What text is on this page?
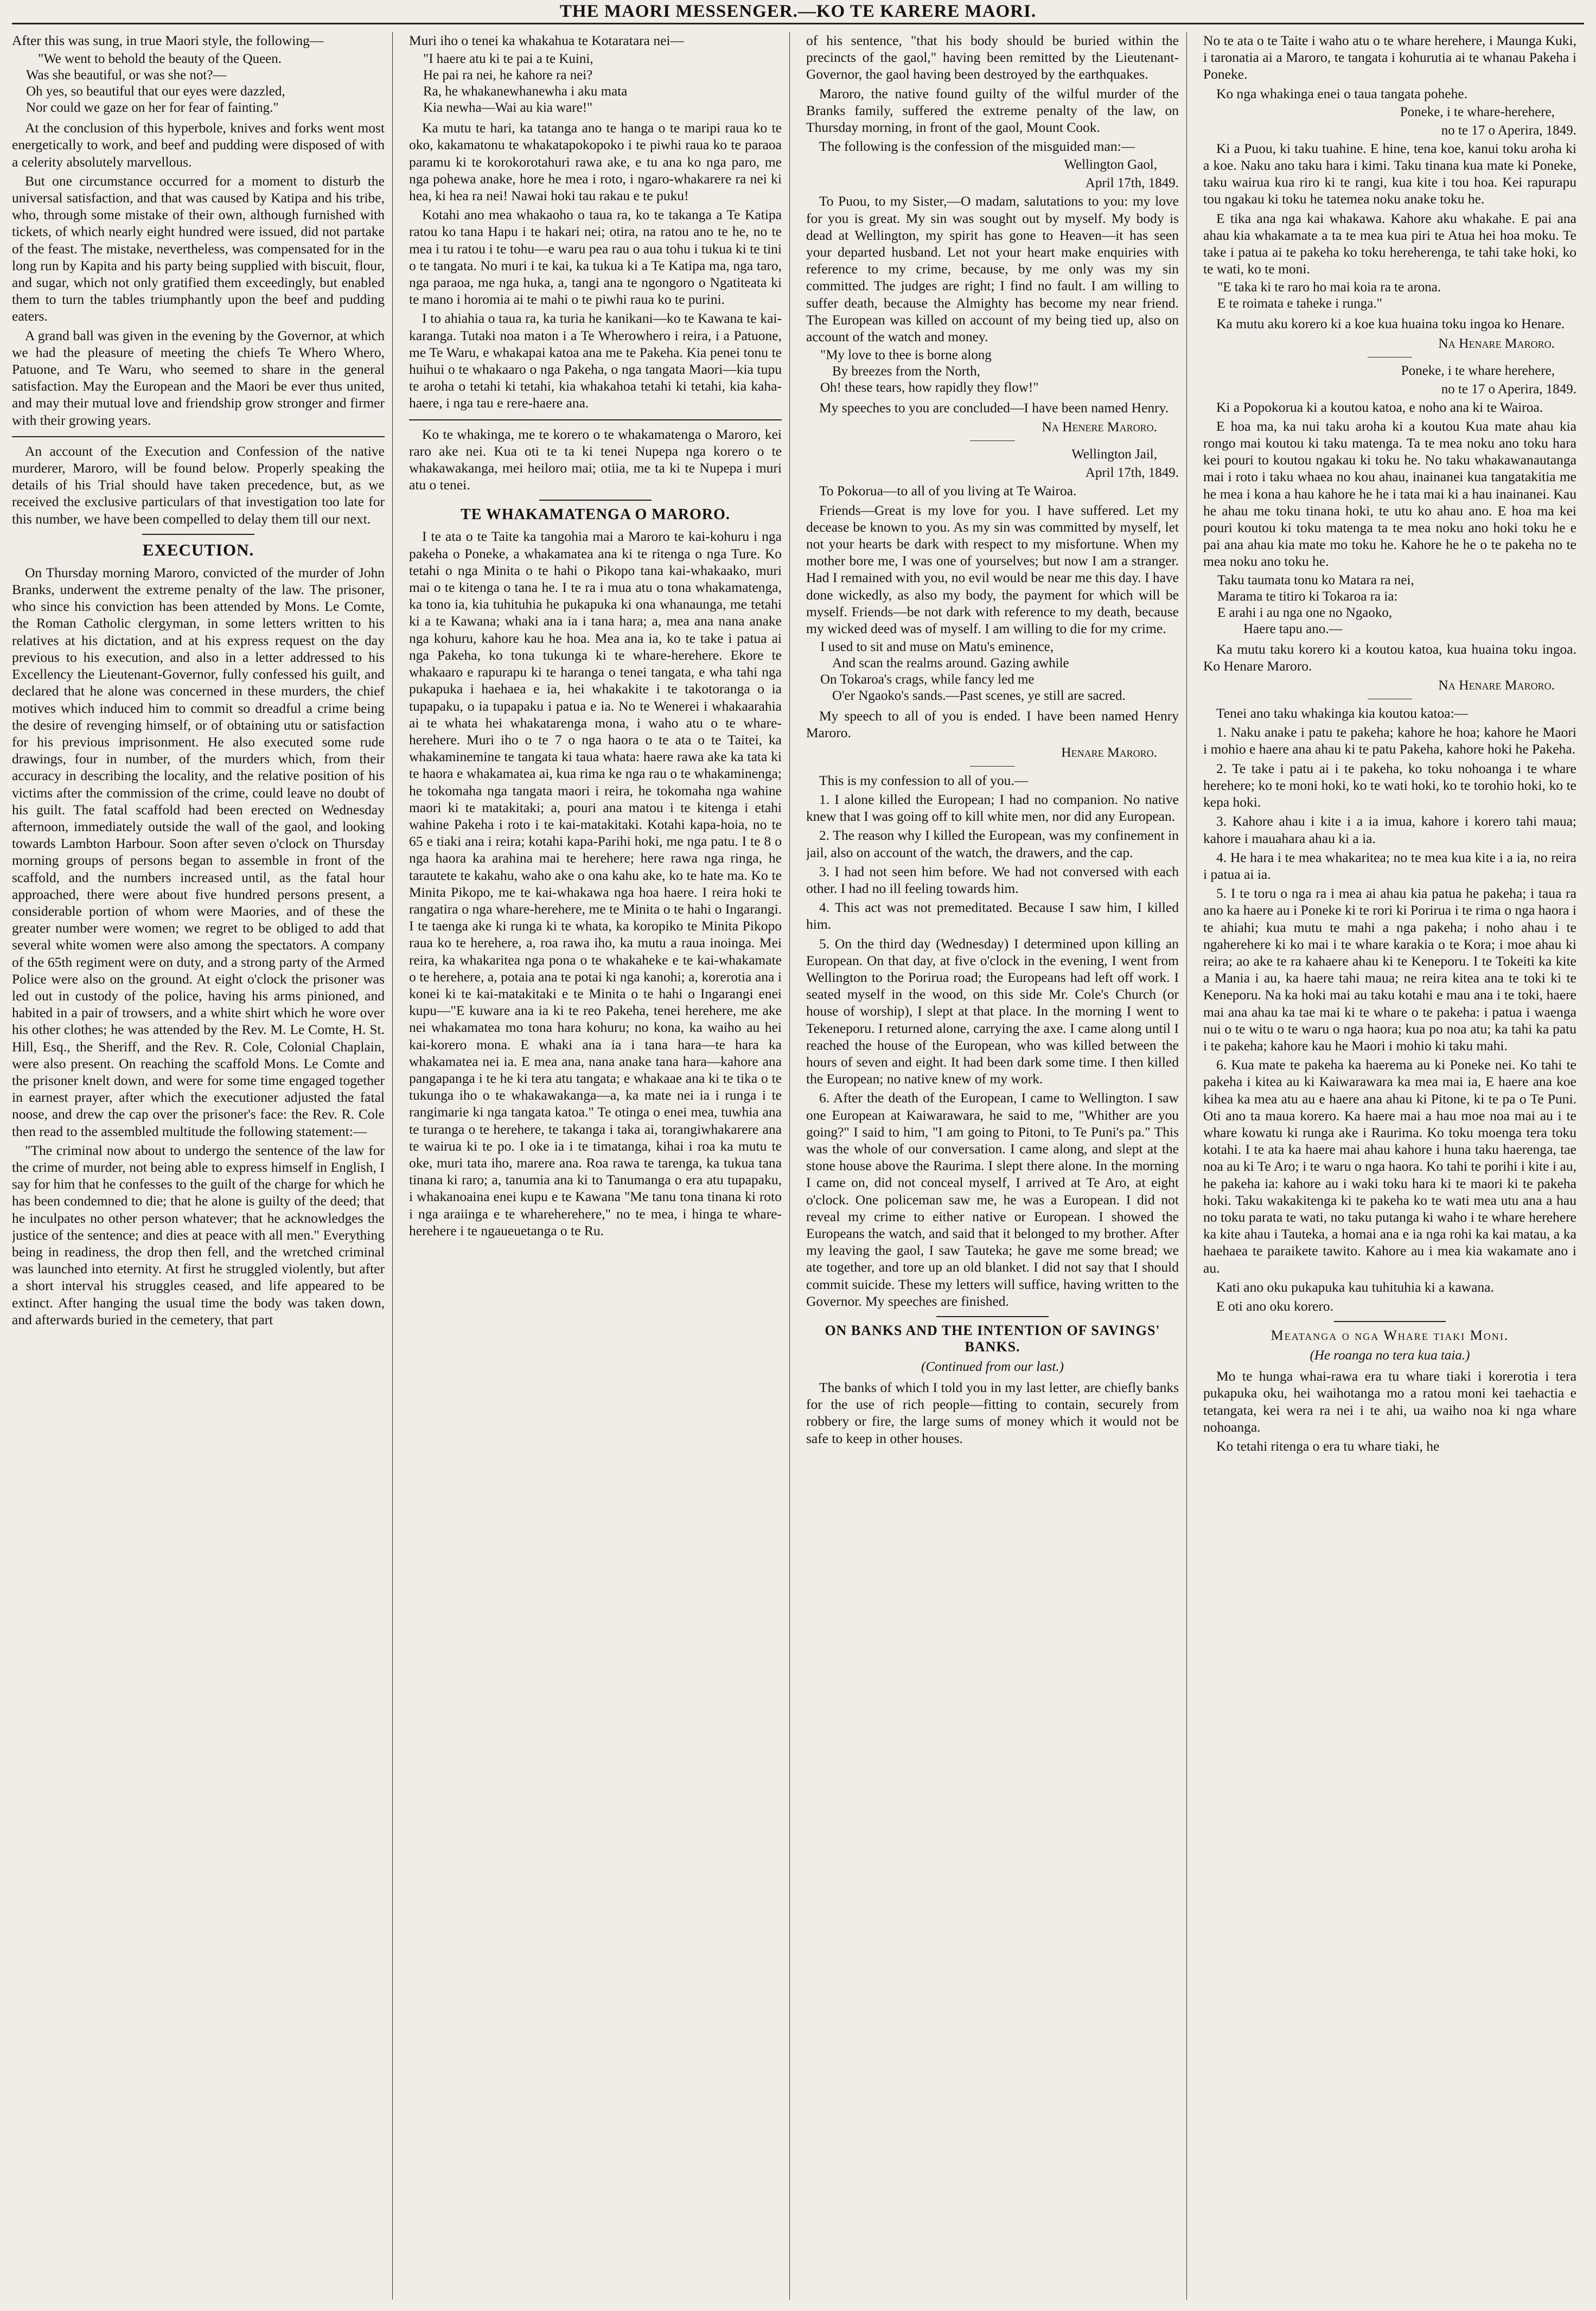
THE MAORI MESSENGER.—KO TE KARERE MAORI.

After this was sung, in true Maori style, the following—

"We went to behold the beauty of the Queen.
Was she beautiful, or was she not?—
Oh yes, so beautiful that our eyes were dazzled,
Nor could we gaze on her for fear of fainting."

At the conclusion of this hyperbole, knives and forks went most energetically to work, and beef and pudding were disposed of with a celerity absolutely marvellous.

But one circumstance occurred for a moment to disturb the universal satisfaction, and that was caused by Katipa and his tribe, who, through some mistake of their own, although furnished with tickets, of which nearly eight hundred were issued, did not partake of the feast. The mistake, nevertheless, was compensated for in the long run by Kapita and his party being supplied with biscuit, flour, and sugar, which not only gratified them exceedingly, but enabled them to turn the tables triumphantly upon the beef and pudding eaters.

A grand ball was given in the evening by the Governor, at which we had the pleasure of meeting the chiefs Te Whero Whero, Patuone, and Te Waru, who seemed to share in the general satisfaction. May the European and the Maori be ever thus united, and may their mutual love and friendship grow stronger and firmer with their growing years.

An account of the Execution and Confession of the native murderer, Maroro, will be found below. Properly speaking the details of his Trial should have taken precedence, but, as we received the exclusive particulars of that investigation too late for this number, we have been compelled to delay them till our next.

EXECUTION.

On Thursday morning Maroro, convicted of the murder of John Branks, underwent the extreme penalty of the law. The prisoner, who since his conviction has been attended by Mons. Le Comte, the Roman Catholic clergyman, in some letters written to his relatives at his dictation, and at his express request on the day previous to his execution, and also in a letter addressed to his Excellency the Lieutenant-Governor, fully confessed his guilt, and declared that he alone was concerned in these murders, the chief motives which induced him to commit so dreadful a crime being the desire of revenging himself, or of obtaining utu or satisfaction for his previous imprisonment. He also executed some rude drawings, four in number, of the murders which, from their accuracy in describing the locality, and the relative position of his victims after the commission of the crime, could leave no doubt of his guilt. The fatal scaffold had been erected on Wednesday afternoon, immediately outside the wall of the gaol, and looking towards Lambton Harbour. Soon after seven o'clock on Thursday morning groups of persons began to assemble in front of the scaffold, and the numbers increased until, as the fatal hour approached, there were about five hundred persons present, a considerable portion of whom were Maories, and of these the greater number were women; we regret to be obliged to add that several white women were also among the spectators. A company of the 65th regiment were on duty, and a strong party of the Armed Police were also on the ground. At eight o'clock the prisoner was led out in custody of the police, having his arms pinioned, and habited in a pair of trowsers, and a white shirt which he wore over his other clothes; he was attended by the Rev. M. Le Comte, H. St. Hill, Esq., the Sheriff, and the Rev. R. Cole, Colonial Chaplain, were also present. On reaching the scaffold Mons. Le Comte and the prisoner knelt down, and were for some time engaged together in earnest prayer, after which the executioner adjusted the fatal noose, and drew the cap over the prisoner's face: the Rev. R. Cole then read to the assembled multitude the following statement:—

"The criminal now about to undergo the sentence of the law for the crime of murder, not being able to express himself in English, I say for him that he confesses to the guilt of the charge for which he has been condemned to die; that he alone is guilty of the deed; that he inculpates no other person whatever; that he acknowledges the justice of the sentence; and dies at peace with all men." Everything being in readiness, the drop then fell, and the wretched criminal was launched into eternity. At first he struggled violently, but after a short interval his struggles ceased, and life appeared to be extinct. After hanging the usual time the body was taken down, and afterwards buried in the cemetery, that part

Muri iho o tenei ka whakahua te Kotaratara nei—

"I haere atu ki te pai a te Kuini,
He pai ra nei, he kahore ra nei?
Ra, he whakanewhanewha i aku mata
Kia newha—Wai au kia ware!"

Ka mutu te hari, ka tatanga ano te hanga o te maripi raua ko te oko, kakamatonu te whakatapokopoko i te piwhi raua ko te paraoa paramu ki te korokorotahuri rawa ake, e tu ana ko nga paro, me nga pohewa anake, hore he mea i roto, i ngaro-whakarere ra nei ki hea, ki hea ra nei! Nawai hoki tau rakau e te puku!

Kotahi ano mea whakaoho o taua ra, ko te takanga a Te Katipa ratou ko tana Hapu i te hakari nei; otira, na ratou ano te he, no te mea i tu ratou i te tohu—e waru pea rau o aua tohu i tukua ki te tini o te tangata. No muri i te kai, ka tukua ki a Te Katipa ma, nga taro, nga paraoa, me nga huka, a, tangi ana te ngongoro o Ngatiteata ki te mano i horomia ai te mahi o te piwhi raua ko te purini.

I to ahiahia o taua ra, ka turia he kanikani—ko te Kawana te kai-karanga. Tutaki noa maton i a Te Wherowhero i reira, i a Patuone, me Te Waru, e whakapai katoa ana me te Pakeha. Kia penei tonu te huihui o te whakaaro o nga Pakeha, o nga tangata Maori—kia tupu te aroha o tetahi ki tetahi, kia whakahoa tetahi ki tetahi, kia kaha-haere, i nga tau e rere-haere ana.

Ko te whakinga, me te korero o te whakamatenga o Maroro, kei raro ake nei. Kua oti te ta ki tenei Nupepa nga korero o te whakawakanga, mei heiloro mai; otiia, me ta ki te Nupepa i muri atu o tenei.

TE WHAKAMATENGA O MARORO.

I te ata o te Taite ka tangohia mai a Maroro te kai-kohuru i nga pakeha o Poneke, a whakamatea ana ki te ritenga o nga Ture. Ko tetahi o nga Minita o te hahi o Pikopo tana kai-whakaako, muri mai o te kitenga o tana he. I te ra i mua atu o tona whakamatenga, ka tono ia, kia tuhituhia he pukapuka ki ona whanaunga, me tetahi ki a te Kawana; whaki ana ia i tana hara; a, mea ana nana anake nga kohuru, kahore kau he hoa. Mea ana ia, ko te take i patua ai nga Pakeha, ko tona tukunga ki te whare-herehere. Ekore te whakaaro e rapurapu ki te haranga o tenei tangata, e wha tahi nga pukapuka i haehaea e ia, hei whakakite i te takotoranga o ia tupapaku, o ia tupapaku i patua e ia. No te Wenerei i whakaarahia ai te whata hei whakatarenga mona, i waho atu o te whare-herehere. Muri iho o te 7 o nga haora o te ata o te Taitei, ka whakaminemine te tangata ki taua whata: haere rawa ake ka tata ki te haora e whakamatea ai, kua rima ke nga rau o te whakaminenga; he tokomaha nga tangata maori i reira, he tokomaha nga wahine maori ki te matakitaki; a, pouri ana matou i te kitenga i etahi wahine Pakeha i roto i te kai-matakitaki. Kotahi kapa-hoia, no te 65 e tiaki ana i reira; kotahi kapa-Parihi hoki, me nga patu. I te 8 o nga haora ka arahina mai te herehere; here rawa nga ringa, he tarautete te kakahu, waho ake o ona kahu ake, ko te hate ma. Ko te Minita Pikopo, me te kai-whakawa nga hoa haere. I reira hoki te rangatira o nga whare-herehere, me te Minita o te hahi o Ingarangi. I te taenga ake ki runga ki te whata, ka koropiko te Minita Pikopo raua ko te herehere, a, roa rawa iho, ka mutu a raua inoinga. Mei reira, ka whakaritea nga pona o te whakaheke e te kai-whakamate o te herehere, a, potaia ana te potai ki nga kanohi; a, korerotia ana i konei ki te kai-matakitaki e te Minita o te hahi o Ingarangi enei kupu—"E kuware ana ia ki te reo Pakeha, tenei herehere, me ake nei whakamatea mo tona hara kohuru; no kona, ka waiho au hei kai-korero mona. E whaki ana ia i tana hara—te hara ka whakamatea nei ia. E mea ana, nana anake tana hara—kahore ana pangapanga i te he ki tera atu tangata; e whakaae ana ki te tika o te tukunga iho o te whakawakanga—a, ka mate nei ia i runga i te rangimarie ki nga tangata katoa." Te otinga o enei mea, tuwhia ana te turanga o te herehere, te takanga i taka ai, torangiwhakarere ana te wairua ki te po. I oke ia i te timatanga, kihai i roa ka mutu te oke, muri tata iho, marere ana. Roa rawa te tarenga, ka tukua tana tinana ki raro; a, tanumia ana ki to Tanumanga o era atu tupapaku, i whakanoaina enei kupu e te Kawana "Me tanu tona tinana ki roto i nga araiinga e te whareherehere," no te mea, i hinga te whare-herehere i te ngaueuetanga o te Ru.

of his sentence, "that his body should be buried within the precincts of the gaol," having been remitted by the Lieutenant-Governor, the gaol having been destroyed by the earthquakes.

Maroro, the native found guilty of the wilful murder of the Branks family, suffered the extreme penalty of the law, on Thursday morning, in front of the gaol, Mount Cook.

The following is the confession of the misguided man:—

Wellington Gaol,
April 17th, 1849.

To Puou, to my Sister,—O madam, salutations to you: my love for you is great. My sin was sought out by myself. My body is dead at Wellington, my spirit has gone to Heaven—it has seen your departed husband. Let not your heart make enquiries with reference to my crime, because, by me only was my sin committed. The judges are right; I find no fault. I am willing to suffer death, because the Almighty has become my near friend. The European was killed on account of my being tied up, also on account of the watch and money.

"My love to thee is borne along
By breezes from the North,
Oh! these tears, how rapidly they flow!"

My speeches to you are concluded—I have been named Henry.

Na Henere Maroro.
Wellington Jail,
April 17th, 1849.

To Pokorua—to all of you living at Te Wairoa.

Friends—Great is my love for you. I have suffered. Let my decease be known to you. As my sin was committed by myself, let not your hearts be dark with respect to my misfortune. When my mother bore me, I was one of yourselves; but now I am a stranger. Had I remained with you, no evil would be near me this day. I have done wickedly, as also my body, the payment for which will be myself. Friends—be not dark with reference to my death, because my wicked deed was of myself. I am willing to die for my crime.

I used to sit and muse on Matu's eminence,
And scan the realms around. Gazing awhile
On Tokaroa's crags, while fancy led me
O'er Ngaoko's sands.—Past scenes, ye still are sacred.

My speech to all of you is ended. I have been named Henry Maroro.

Henare Maroro.

This is my confession to all of you.—

1. I alone killed the European; I had no companion. No native knew that I was going off to kill white men, nor did any European.

2. The reason why I killed the European, was my confinement in jail, also on account of the watch, the drawers, and the cap.

3. I had not seen him before. We had not conversed with each other. I had no ill feeling towards him.

4. This act was not premeditated. Because I saw him, I killed him.

5. On the third day (Wednesday) I determined upon killing an European. On that day, at five o'clock in the evening, I went from Wellington to the Porirua road; the Europeans had left off work. I seated myself in the wood, on this side Mr. Cole's Church (or house of worship), I slept at that place. In the morning I went to Tekeneporu. I returned alone, carrying the axe. I came along until I reached the house of the European, who was killed between the hours of seven and eight. It had been dark some time. I then killed the European; no native knew of my work.

6. After the death of the European, I came to Wellington. I saw one European at Kaiwarawara, he said to me, "Whither are you going?" I said to him, "I am going to Pitoni, to Te Puni's pa." This was the whole of our conversation. I came along, and slept at the stone house above the Raurima. I slept there alone. In the morning I came on, did not conceal myself, I arrived at Te Aro, at eight o'clock. One policeman saw me, he was a European. I did not reveal my crime to either native or European. I showed the Europeans the watch, and said that it belonged to my brother. After my leaving the gaol, I saw Tauteka; he gave me some bread; we ate together, and tore up an old blanket. I did not say that I should commit suicide. These my letters will suffice, having written to the Governor. My speeches are finished.

ON BANKS AND THE INTENTION OF SAVINGS' BANKS.
(Continued from our last.)

The banks of which I told you in my last letter, are chiefly banks for the use of rich people—fitting to contain, securely from robbery or fire, the large sums of money which it would not be safe to keep in other houses.

No te ata o te Taite i waho atu o te whare herehere, i Maunga Kuki, i taronatia ai a Maroro, te tangata i kohurutia ai te whanau Pakeha i Poneke.

Ko nga whakinga enei o taua tangata pohehe.

Poneke, i te whare-herehere,
no te 17 o Aperira, 1849.

Ki a Puou, ki taku tuahine. E hine, tena koe, kanui toku aroha ki a koe. Naku ano taku hara i kimi. Taku tinana kua mate ki Poneke, taku wairua kua riro ki te rangi, kua kite i tou hoa. Kei rapurapu tou ngakau ki toku he tatemea noku anake toku he.

E tika ana nga kai whakawa. Kahore aku whakahe. E pai ana ahau kia whakamate a ta te mea kua piri te Atua hei hoa moku. Te take i patua ai te pakeha ko toku hereherenga, te tahi take hoki, ko te wati, ko te moni.

"E taka ki te raro ho mai koia ra te arona.
E te roimata e taheke i runga."

Ka mutu aku korero ki a koe kua huaina toku ingoa ko Henare.

Na Henare Maroro.
Poneke, i te whare herehere,
no te 17 o Aperira, 1849.

Ki a Popokorua ki a koutou katoa, e noho ana ki te Wairoa.

E hoa ma, ka nui taku aroha ki a koutou Kua mate ahau kia rongo mai koutou ki taku matenga. Ta te mea noku ano toku hara kei pouri to koutou ngakau ki toku he. No taku whakawanautanga mai i roto i taku whaea no kou ahau, inainanei kua tangatakitia me he mea i kona a hau kahore he he i tata mai ki a hau inainanei. Kau he ahau me toku tinana hoki, te utu ko ahau ano. E hoa ma kei pouri koutou ki toku matenga ta te mea noku ano hoki toku he e pai ana ahau kia mate mo toku he. Kahore he he o te pakeha no te mea noku ano toku he.

Taku taumata tonu ko Matara ra nei,
Marama te titiro ki Tokaroa ra ia:
E arahi i au nga one no Ngaoko,
Haere tapu ano.—

Ka mutu taku korero ki a koutou katoa, kua huaina toku ingoa. Ko Henare Maroro.

Na Henare Maroro.

Tenei ano taku whakinga kia koutou katoa:—

1. Naku anake i patu te pakeha; kahore he hoa; kahore he Maori i mohio e haere ana ahau ki te patu Pakeha, kahore hoki he Pakeha.

2. Te take i patu ai i te pakeha, ko toku nohoanga i te whare herehere; ko te moni hoki, ko te wati hoki, ko te torohio hoki, ko te kepa hoki.

3. Kahore ahau i kite i a ia imua, kahore i korero tahi maua; kahore i mauahara ahau ki a ia.

4. He hara i te mea whakaritea; no te mea kua kite i a ia, no reira i patua ai ia.

5. I te toru o nga ra i mea ai ahau kia patua he pakeha; i taua ra ano ka haere au i Poneke ki te rori ki Porirua i te rima o nga haora i te ahiahi; kua mutu te mahi a nga pakeha; i noho ahau i te ngaherehere ki ko mai i te whare karakia o te Kora; i moe ahau ki reira; ao ake te ra kahaere ahau ki te Keneporu. I te Tokeiti ka kite a Mania i au, ka haere tahi maua; ne reira kitea ana te toki ki te Keneporu. Na ka hoki mai au taku kotahi e mau ana i te toki, haere mai ana ahau ka tae mai ki te whare o te pakeha: i patua i waenga nui o te witu o te waru o nga haora; kua po noa atu; ka tahi ka patu i te pakeha; kahore kau he Maori i mohio ki taku mahi.

6. Kua mate te pakeha ka haerema au ki Poneke nei. Ko tahi te pakeha i kitea au ki Kaiwarawara ka mea mai ia, E haere ana koe kihea ka mea atu au e haere ana ahau ki Pitone, ki te pa o Te Puni. Oti ano ta maua korero. Ka haere mai a hau moe noa mai au i te whare kowatu ki runga ake i Raurima. Ko toku moenga tera toku kotahi. I te ata ka haere mai ahau kahore i huna taku haerenga, tae noa au ki Te Aro; i te waru o nga haora. Ko tahi te porihi i kite i au, he pakeha ia: kahore au i waki toku hara ki te maori ki te pakeha hoki. Taku wakakitenga ki te pakeha ko te wati mea utu ana a hau no toku parata te wati, no taku putanga ki waho i te whare herehere ka kite ahau i Tauteka, a homai ana e ia nga rohi ka kai matau, a ka haehaea te paraikete tawito. Kahore au i mea kia wakamate ano i au.

Kati ano oku pukapuka kau tuhituhia ki a kawana.

E oti ano oku korero.

Meatanga o nga Whare tiaki Moni.
(He roanga no tera kua taia.)

Mo te hunga whai-rawa era tu whare tiaki i korerotia i tera pukapuka oku, hei waihotanga mo a ratou moni kei taehactia e tetangata, kei wera ra nei i te ahi, ua waiho noa ki nga whare nohoanga.

Ko tetahi ritenga o era tu whare tiaki, he
